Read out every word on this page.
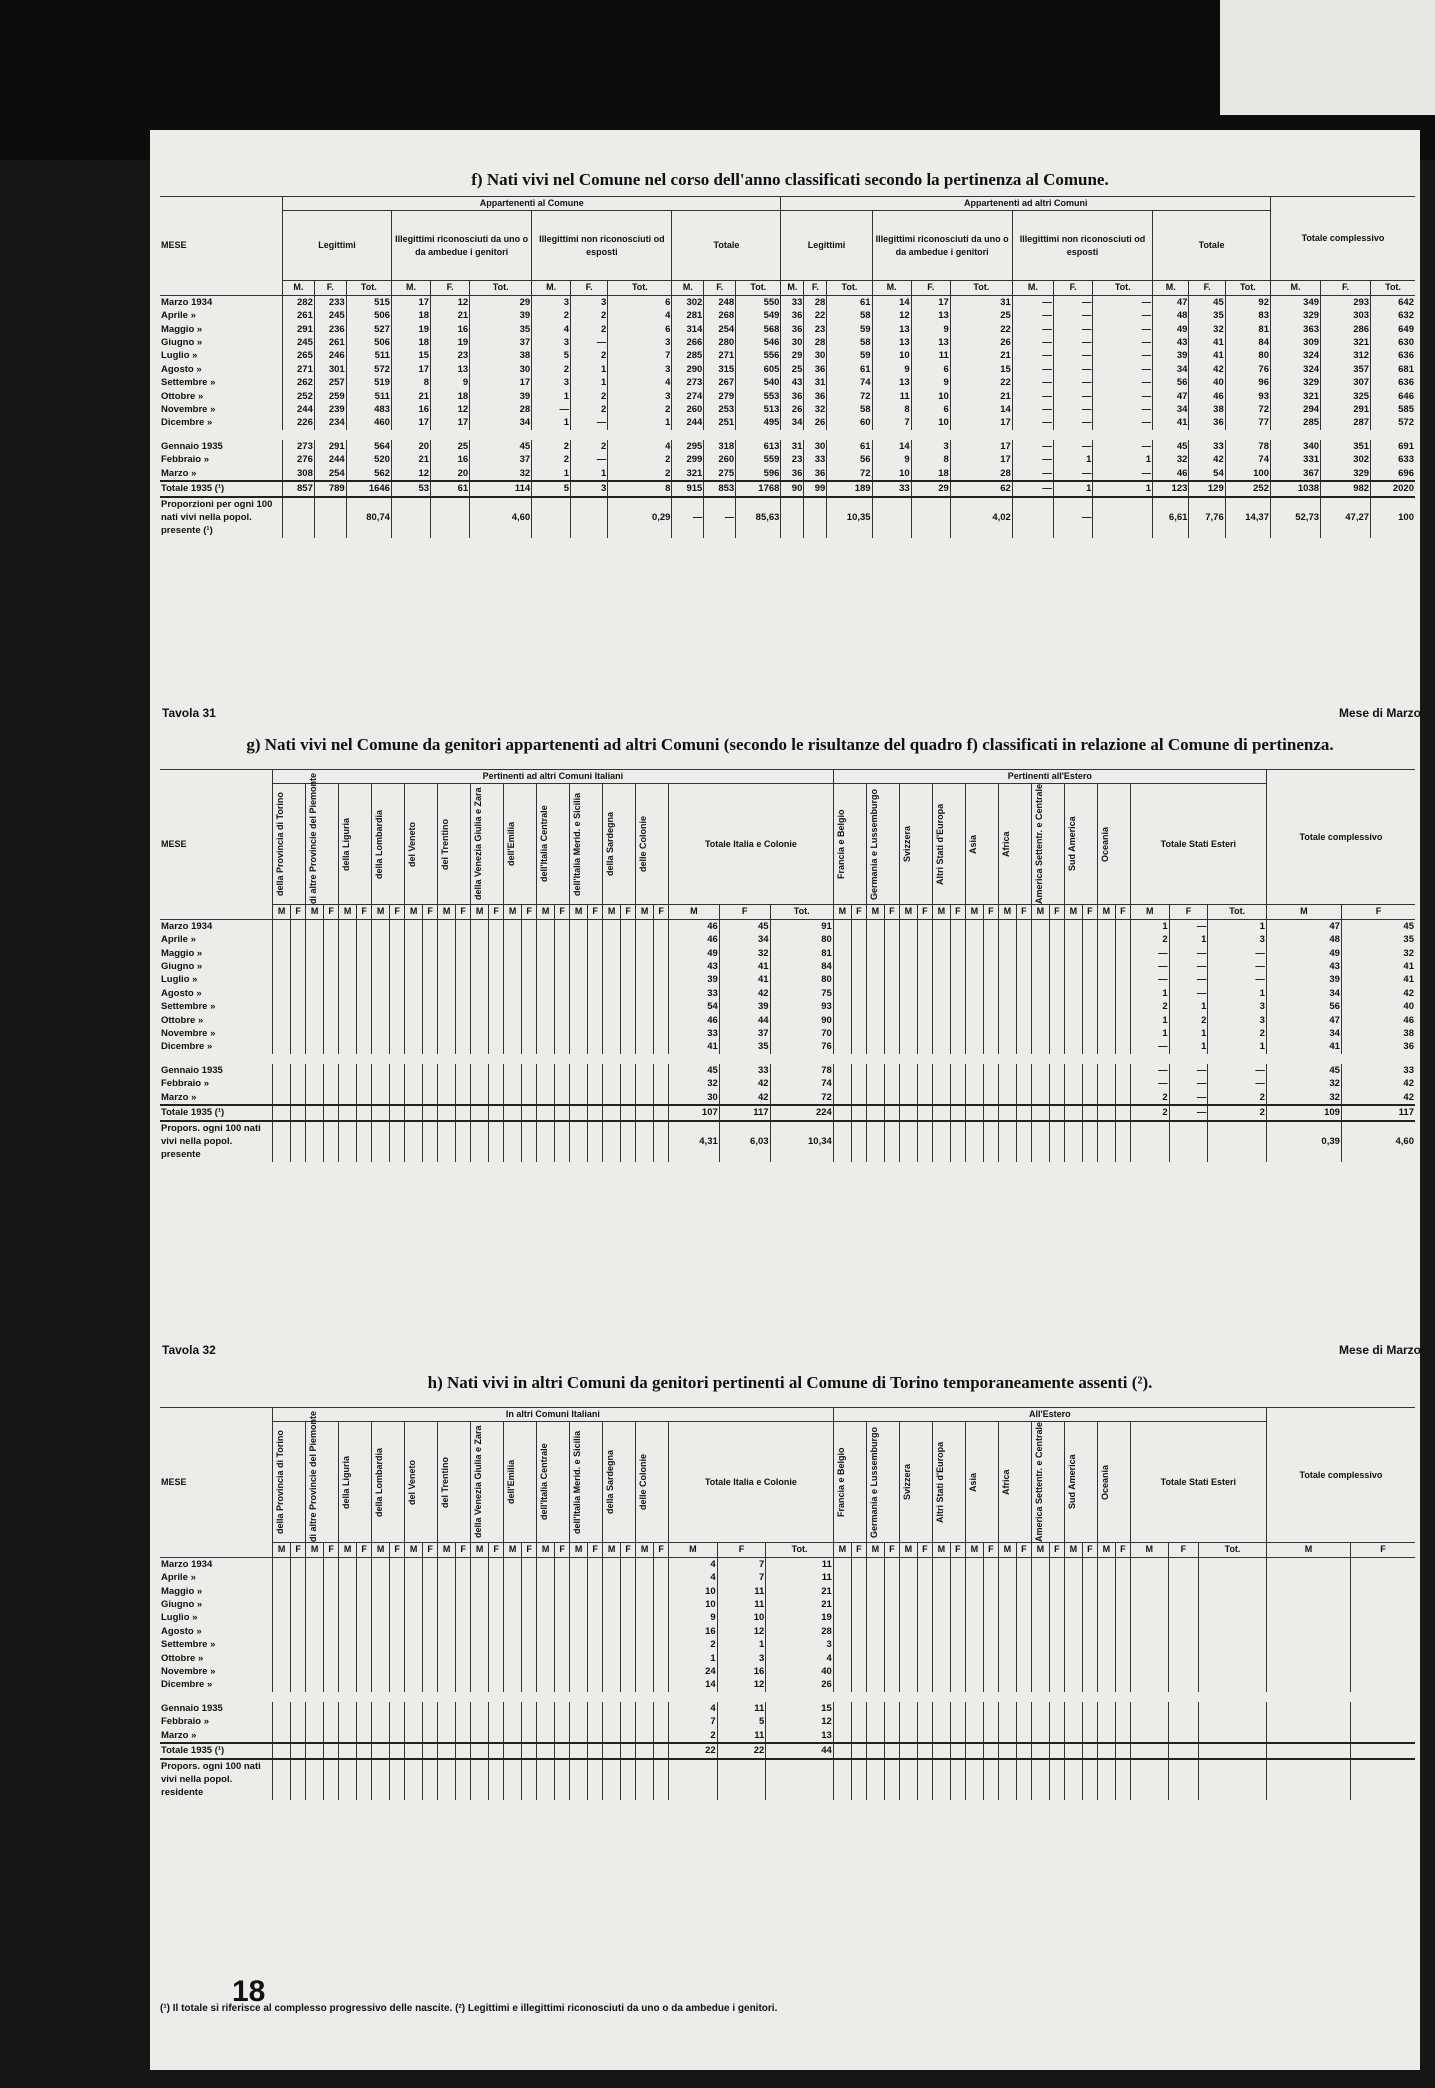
f) Nati vivi nel Comune nel corso dell'anno classificati secondo la pertinenza al Comune.
MESE	Appartenenti al Comune												Appartenenti ad altri Comuni												Totale complessivo		
	Legittimi			Illegittimi riconosciuti da uno o da ambedue i genitori			Illegittimi non riconosciuti od esposti			Totale			Legittimi			Illegittimi riconosciuti da uno o da ambedue i genitori			Illegittimi non riconosciuti od esposti			Totale					
	M.	F.	Tot.	M.	F.	Tot.	M.	F.	Tot.	M.	F.	Tot.	M.	F.	Tot.	M.	F.	Tot.	M.	F.	Tot.	M.	F.	Tot.	M.	F.	Tot.
Marzo 1934	282	233	515	17	12	29	3	3	6	302	248	550	33	28	61	14	17	31	—	—	—	47	45	92	349	293	642
Aprile »	261	245	506	18	21	39	2	2	4	281	268	549	36	22	58	12	13	25	—	—	—	48	35	83	329	303	632
Maggio »	291	236	527	19	16	35	4	2	6	314	254	568	36	23	59	13	9	22	—	—	—	49	32	81	363	286	649
Giugno »	245	261	506	18	19	37	3	—	3	266	280	546	30	28	58	13	13	26	—	—	—	43	41	84	309	321	630
Luglio »	265	246	511	15	23	38	5	2	7	285	271	556	29	30	59	10	11	21	—	—	—	39	41	80	324	312	636
Agosto »	271	301	572	17	13	30	2	1	3	290	315	605	25	36	61	9	6	15	—	—	—	34	42	76	324	357	681
Settembre »	262	257	519	8	9	17	3	1	4	273	267	540	43	31	74	13	9	22	—	—	—	56	40	96	329	307	636
Ottobre »	252	259	511	21	18	39	1	2	3	274	279	553	36	36	72	11	10	21	—	—	—	47	46	93	321	325	646
Novembre »	244	239	483	16	12	28	—	2	2	260	253	513	26	32	58	8	6	14	—	—	—	34	38	72	294	291	585
Dicembre »	226	234	460	17	17	34	1	—	1	244	251	495	34	26	60	7	10	17	—	—	—	41	36	77	285	287	572
Gennaio 1935	273	291	564	20	25	45	2	2	4	295	318	613	31	30	61	14	3	17	—	—	—	45	33	78	340	351	691
Febbraio »	276	244	520	21	16	37	2	—	2	299	260	559	23	33	56	9	8	17	—	1	1	32	42	74	331	302	633
Marzo »	308	254	562	12	20	32	1	1	2	321	275	596	36	36	72	10	18	28	—	—	—	46	54	100	367	329	696
Totale 1935 (¹)	857	789	1646	53	61	114	5	3	8	915	853	1768	90	99	189	33	29	62	—	1	1	123	129	252	1038	982	2020
Proporzioni per ogni 100 nati vivi nella popol. presente (¹)			80,74			4,60			0,29	—	—	85,63			10,35			4,02		—		6,61	7,76	14,37	52,73	47,27	100
Tavola 31	Mese di Marzo
g) Nati vivi nel Comune da genitori appartenenti ad altri Comuni (secondo le risultanze del quadro f) classificati in relazione al Comune di pertinenza.
MESE	Pertinenti ad altri Comuni Italiani																											Pertinenti all'Estero																					Totale complessivo	

	della Provincia di Torino		di altre Provincie del Piemonte		della Liguria		della Lombardia		del Veneto		del Trentino		della Venezia Giulia e Zara		dell'Emilia		dell'Italia Centrale		dell'Italia Merid. e Sicilia		della Sardegna		delle Colonie		Totale Italia e Colonie			Francia e Belgio		Germania e Lussemburgo		Svizzera		Altri Stati d'Europa		Asia		Africa		America Settentr. e Centrale		Sud America		Oceania		Totale Stati Esteri				
	M	F	M	F	M	F	M	F	M	F	M	F	M	F	M	F	M	F	M	F	M	F	M	F	M	F	Tot.	M	F	M	F	M	F	M	F	M	F	M	F	M	F	M	F	M	F	M	F	Tot.	M	F
Marzo 1934																									46	45	91																			1	—	1	47	45
Aprile »																									46	34	80																			2	1	3	48	35
Maggio »																									49	32	81																			—	—	—	49	32
Giugno »																									43	41	84																			—	—	—	43	41
Luglio »																									39	41	80																			—	—	—	39	41
Agosto »																									33	42	75																			1	—	1	34	42
Settembre »																									54	39	93																			2	1	3	56	40
Ottobre »																									46	44	90																			1	2	3	47	46
Novembre »																									33	37	70																			1	1	2	34	38
Dicembre »																									41	35	76																			—	1	1	41	36
Gennaio 1935																									45	33	78																			—	—	—	45	33
Febbraio »																									32	42	74																			—	—	—	32	42
Marzo »																									30	42	72																			2	—	2	32	42
Totale 1935 (¹)																									107	117	224																			2	—	2	109	117
Propors. ogni 100 nati vivi nella popol. presente																									4,31	6,03	10,34																						0,39	4,60
Tavola 32	Mese di Marzo
h) Nati vivi in altri Comuni da genitori pertinenti al Comune di Torino temporaneamente assenti (²).
MESE	In altri Comuni Italiani																											All'Estero																					Totale complessivo	

	della Provincia di Torino		di altre Provincie del Piemonte		della Liguria		della Lombardia		del Veneto		del Trentino		della Venezia Giulia e Zara		dell'Emilia		dell'Italia Centrale		dell'Italia Merid. e Sicilia		della Sardegna		delle Colonie		Totale Italia e Colonie			Francia e Belgio		Germania e Lussemburgo		Svizzera		Altri Stati d'Europa		Asia		Africa		America Settentr. e Centrale		Sud America		Oceania		Totale Stati Esteri				
	M	F	M	F	M	F	M	F	M	F	M	F	M	F	M	F	M	F	M	F	M	F	M	F	M	F	Tot.	M	F	M	F	M	F	M	F	M	F	M	F	M	F	M	F	M	F	M	F	Tot.	M	F
Marzo 1934																									4	7	11																							
Aprile »																									4	7	11																							
Maggio »																									10	11	21																							
Giugno »																									10	11	21																							
Luglio »																									9	10	19																							
Agosto »																									16	12	28																							
Settembre »																									2	1	3																							
Ottobre »																									1	3	4																							
Novembre »																									24	16	40																							
Dicembre »																									14	12	26																							
Gennaio 1935																									4	11	15																							
Febbraio »																									7	5	12																							
Marzo »																									2	11	13																							
Totale 1935 (¹)																									22	22	44																							
Propors. ogni 100 nati vivi nella popol. residente																																																		
(¹) Il totale si riferisce al complesso progressivo delle nascite. (²) Legittimi e illegittimi riconosciuti da uno o da ambedue i genitori.
18
